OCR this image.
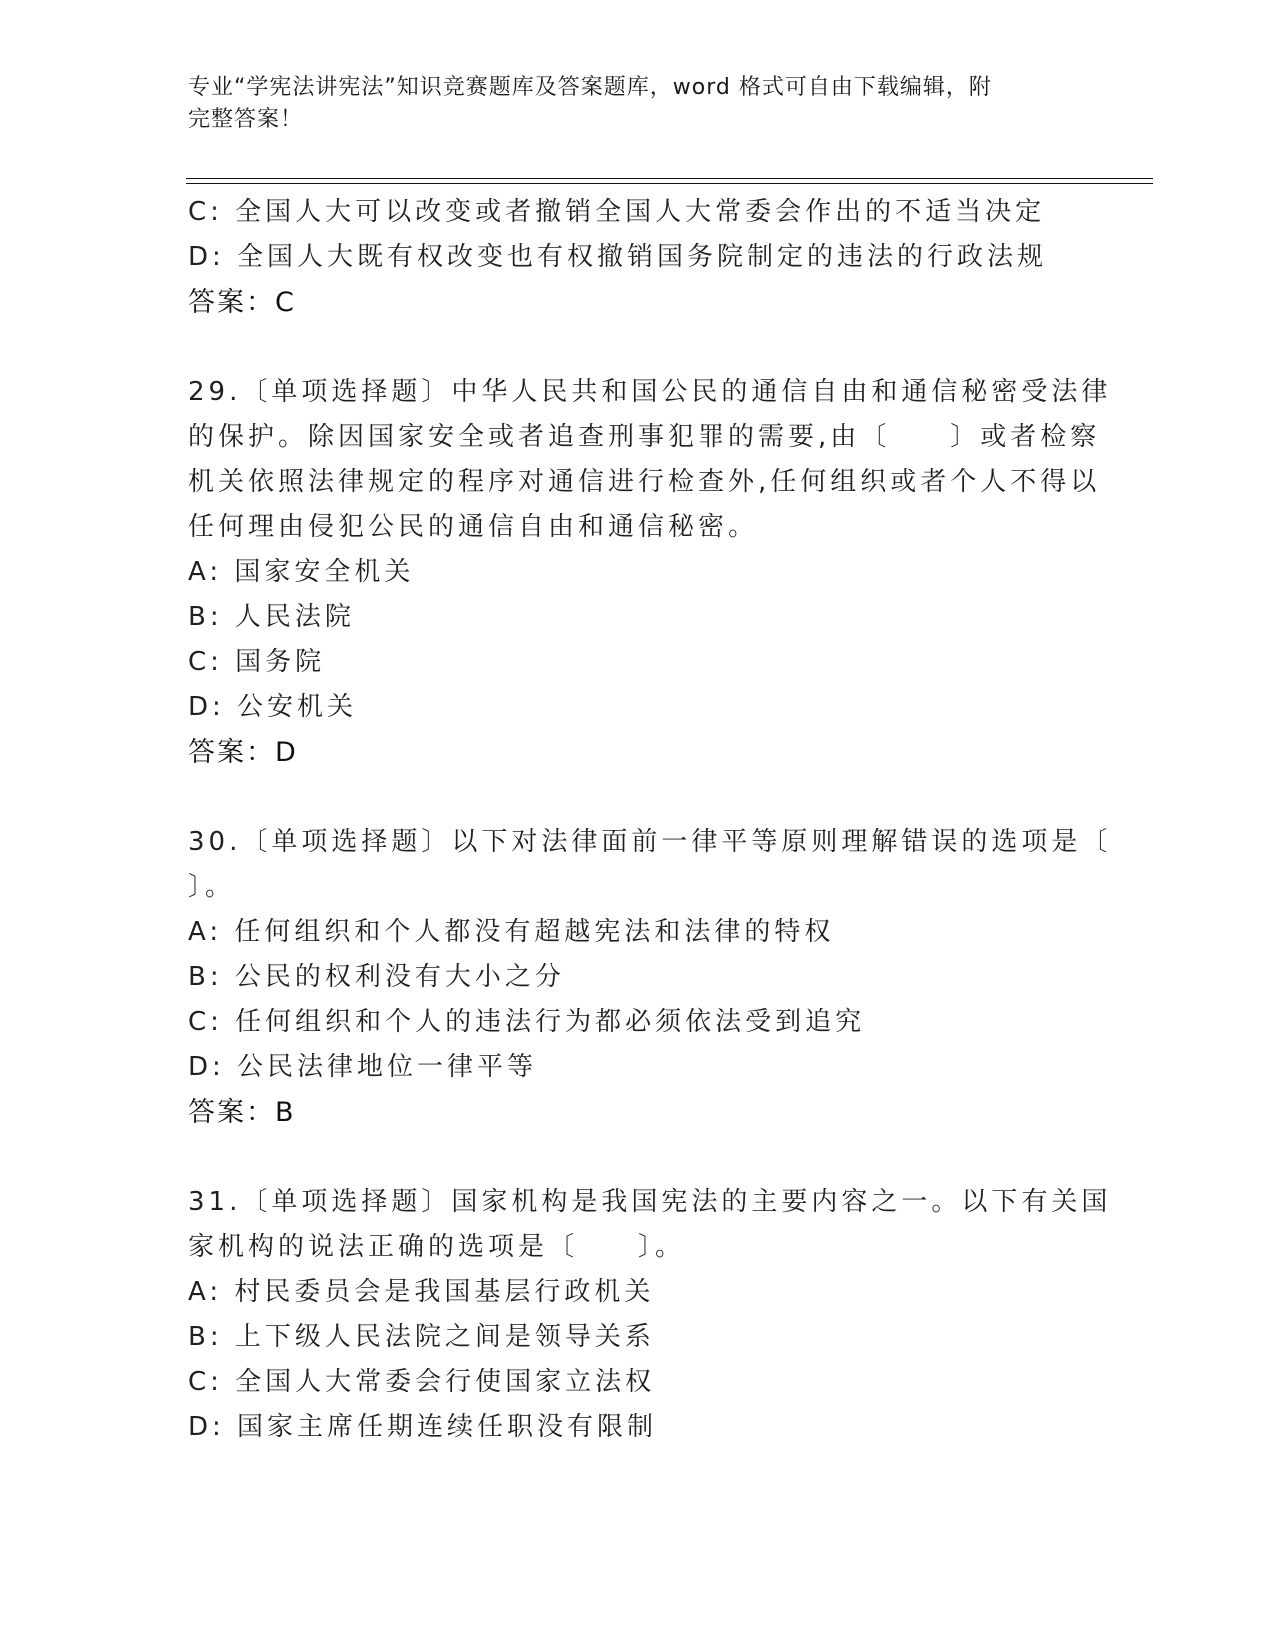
专业“学宪法讲宪法”知识竞赛题库及答案题库，word 格式可自由下载编辑，附
完整答案！
C: 全国人大可以改变或者撤销全国人大常委会作出的不适当决定
D: 全国人大既有权改变也有权撤销国务院制定的违法的行政法规
答案：C
29.〔单项选择题〕中华人民共和国公民的通信自由和通信秘密受法律
的保护。除因国家安全或者追查刑事犯罪的需要,由〔　　〕或者检察
机关依照法律规定的程序对通信进行检查外,任何组织或者个人不得以
任何理由侵犯公民的通信自由和通信秘密。
A: 国家安全机关
B: 人民法院
C: 国务院
D: 公安机关
答案：D
30.〔单项选择题〕以下对法律面前一律平等原则理解错误的选项是〔
〕。
A: 任何组织和个人都没有超越宪法和法律的特权
B: 公民的权利没有大小之分
C: 任何组织和个人的违法行为都必须依法受到追究
D: 公民法律地位一律平等
答案：B
31.〔单项选择题〕国家机构是我国宪法的主要内容之一。以下有关国
家机构的说法正确的选项是〔　　〕。
A: 村民委员会是我国基层行政机关
B: 上下级人民法院之间是领导关系
C: 全国人大常委会行使国家立法权
D: 国家主席任期连续任职没有限制
